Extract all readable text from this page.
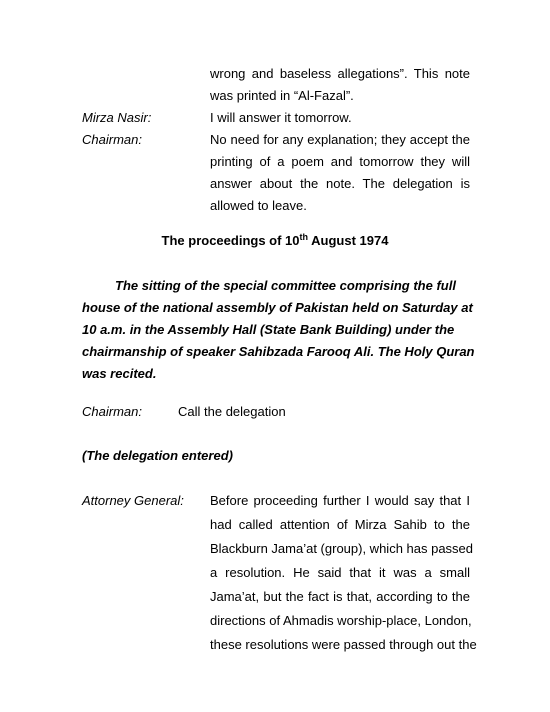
wrong and baseless allegations”. This note
was printed in “Al-Fazal”.
Mirza Nasir:	I will answer it tomorrow.
Chairman:	No need for any explanation; they accept the
printing of a poem and tomorrow they will
answer about the note. The delegation is
allowed to leave.
The proceedings of 10th August 1974
The sitting of the special committee comprising the full
house of the national assembly of Pakistan held on Saturday at
10 a.m. in the Assembly Hall (State Bank Building) under the
chairmanship of speaker Sahibzada Farooq Ali. The Holy Quran
was recited.
Chairman:	Call the delegation
(The delegation entered)
Attorney General: Before proceeding further I would say that I
had called attention of Mirza Sahib to the
Blackburn Jama’at (group), which has passed
a resolution. He said that it was a small
Jama’at, but the fact is that, according to the
directions of Ahmadis worship-place, London,
these resolutions were passed through out the
